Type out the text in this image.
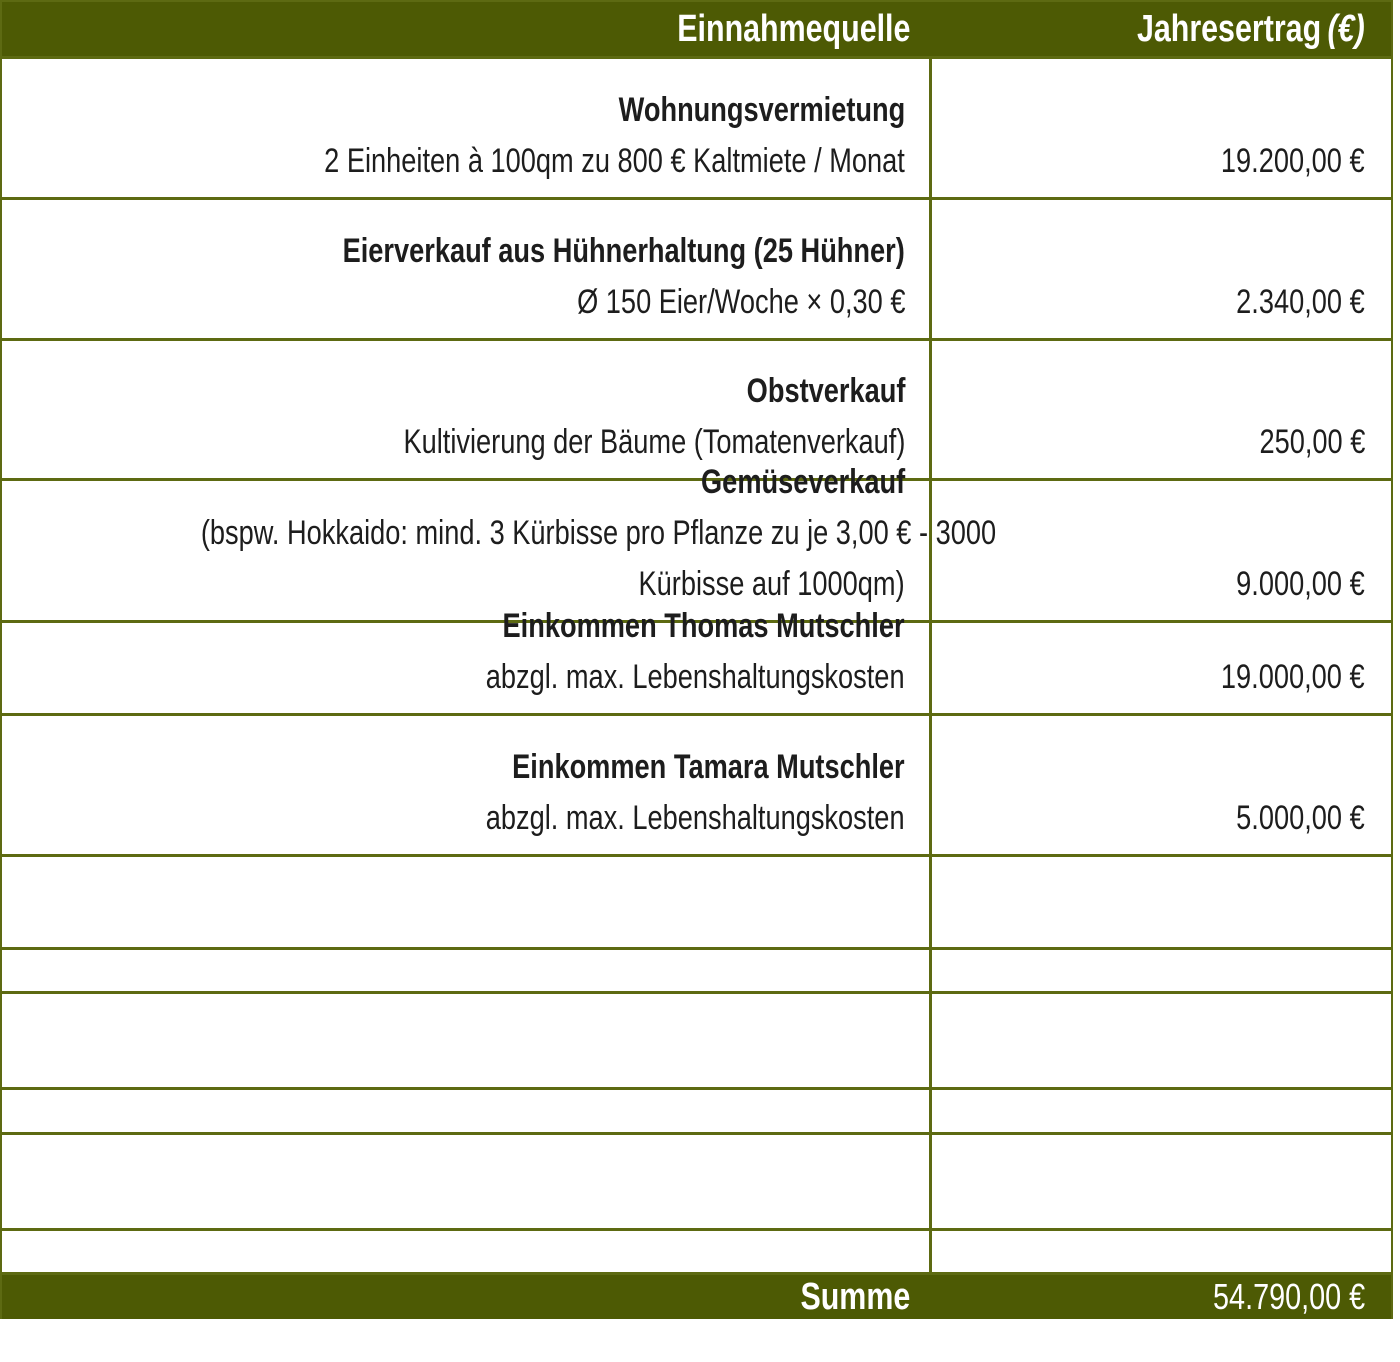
Einnahmequelle	Jahresertrag (€)
Wohnungsvermietung
2 Einheiten à 100qm zu 800 € Kaltmiete / Monat	19.200,00 €
Eierverkauf aus Hühnerhaltung (25 Hühner)
Ø 150 Eier/Woche × 0,30 €	2.340,00 €
Obstverkauf
Kultivierung der Bäume (Tomatenverkauf)	250,00 €
Gemüseverkauf
(bspw. Hokkaido: mind. 3 Kürbisse pro Pflanze zu je 3,00 € - 3000
Kürbisse auf 1000qm)	9.000,00 €
Einkommen Thomas Mutschler
abzgl. max. Lebenshaltungskosten	19.000,00 €
Einkommen Tamara Mutschler
abzgl. max. Lebenshaltungskosten	5.000,00 €
Summe	54.790,00 €
